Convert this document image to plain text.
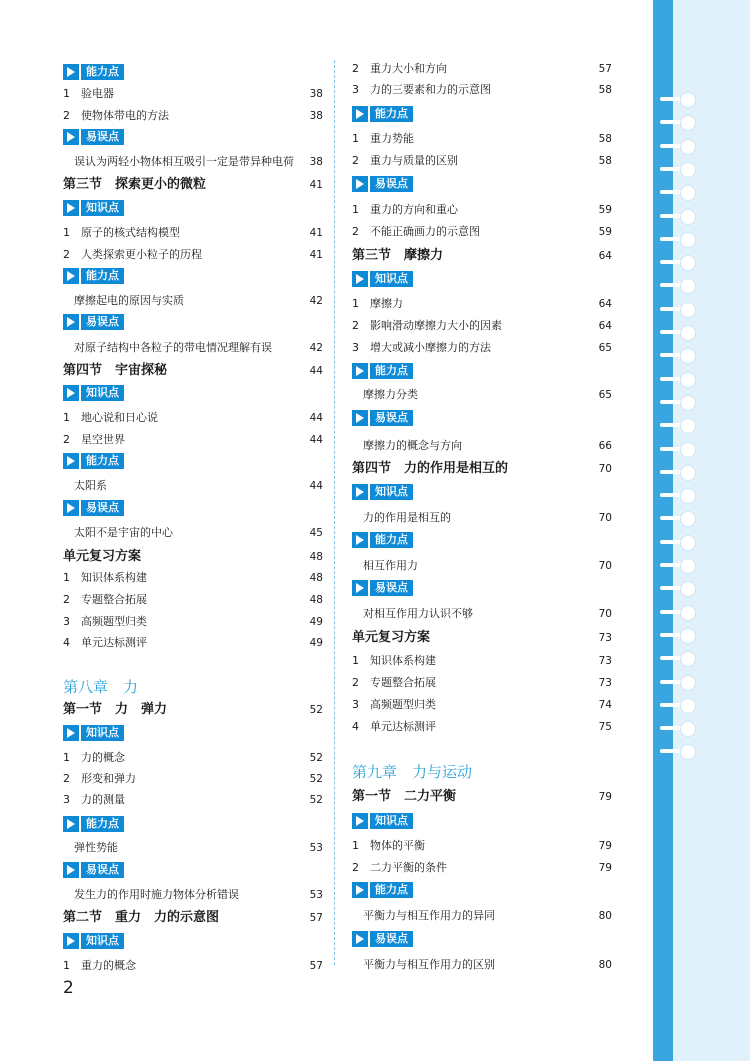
能力点
1 验电器	38
2 使物体带电的方法	38
易误点
误认为两轻小物体相互吸引一定是带异种电荷	38
第三节　探索更小的微粒	41
知识点
1 原子的核式结构模型	41
2 人类探索更小粒子的历程	41
能力点
摩擦起电的原因与实质	42
易误点
对原子结构中各粒子的带电情况理解有误	42
第四节　宇宙探秘	44
知识点
1 地心说和日心说	44
2 星空世界	44
能力点
太阳系	44
易误点
太阳不是宇宙的中心	45
单元复习方案	48
1 知识体系构建	48
2 专题整合拓展	48
3 高频题型归类	49
4 单元达标测评	49
第八章　力
第一节　力　弹力	52
知识点
1 力的概念	52
2 形变和弹力	52
3 力的测量	52
能力点
弹性势能	53
易误点
发生力的作用时施力物体分析错误	53
第二节　重力　力的示意图	57
知识点
1 重力的概念	57
2 重力大小和方向	57
3 力的三要素和力的示意图	58
能力点
1 重力势能	58
2 重力与质量的区别	58
易误点
1 重力的方向和重心	59
2 不能正确画力的示意图	59
第三节　摩擦力	64
知识点
1 摩擦力	64
2 影响滑动摩擦力大小的因素	64
3 增大或减小摩擦力的方法	65
能力点
摩擦力分类	65
易误点
摩擦力的概念与方向	66
第四节　力的作用是相互的	70
知识点
力的作用是相互的	70
能力点
相互作用力	70
易误点
对相互作用力认识不够	70
单元复习方案	73
1 知识体系构建	73
2 专题整合拓展	73
3 高频题型归类	74
4 单元达标测评	75
第九章　力与运动
第一节　二力平衡	79
知识点
1 物体的平衡	79
2 二力平衡的条件	79
能力点
平衡力与相互作用力的异同	80
易误点
平衡力与相互作用力的区别	80
2
